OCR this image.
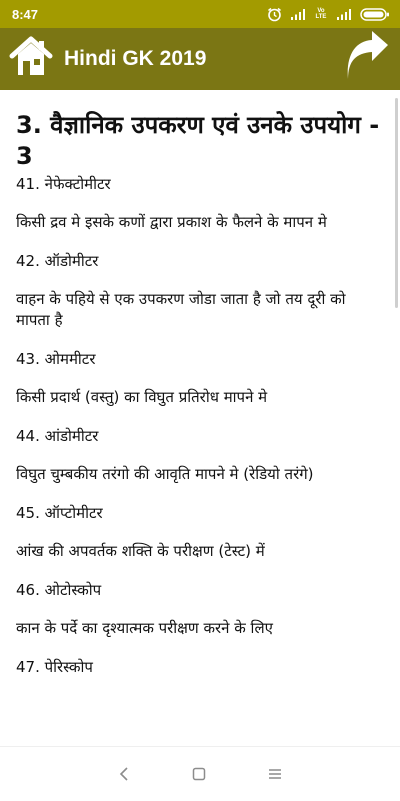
8:47	Vo LTE
Hindi GK 2019
3. वैज्ञानिक उपकरण एवं उनके उपयोग - 3
41. नेफेक्टोमीटर
किसी द्रव मे इसके कणों द्वारा प्रकाश के फैलने के मापन मे
42. ऑडोमीटर
वाहन के पहिये से एक उपकरण जोडा जाता है जो तय दूरी को मापता है
43. ओममीटर
किसी प्रदार्थ (वस्तु) का विघुत प्रतिरोध मापने मे
44. आंडोमीटर
विघुत चुम्बकीय तरंगो की आवृति मापने मे (रेडियो तरंगे)
45. ऑप्टोमीटर
आंख की अपवर्तक शक्ति के परीक्षण (टेस्ट) में
46. ओटोस्कोप
कान के पर्दे का दृश्यात्मक परीक्षण करने के लिए
47. पेरिस्कोप
